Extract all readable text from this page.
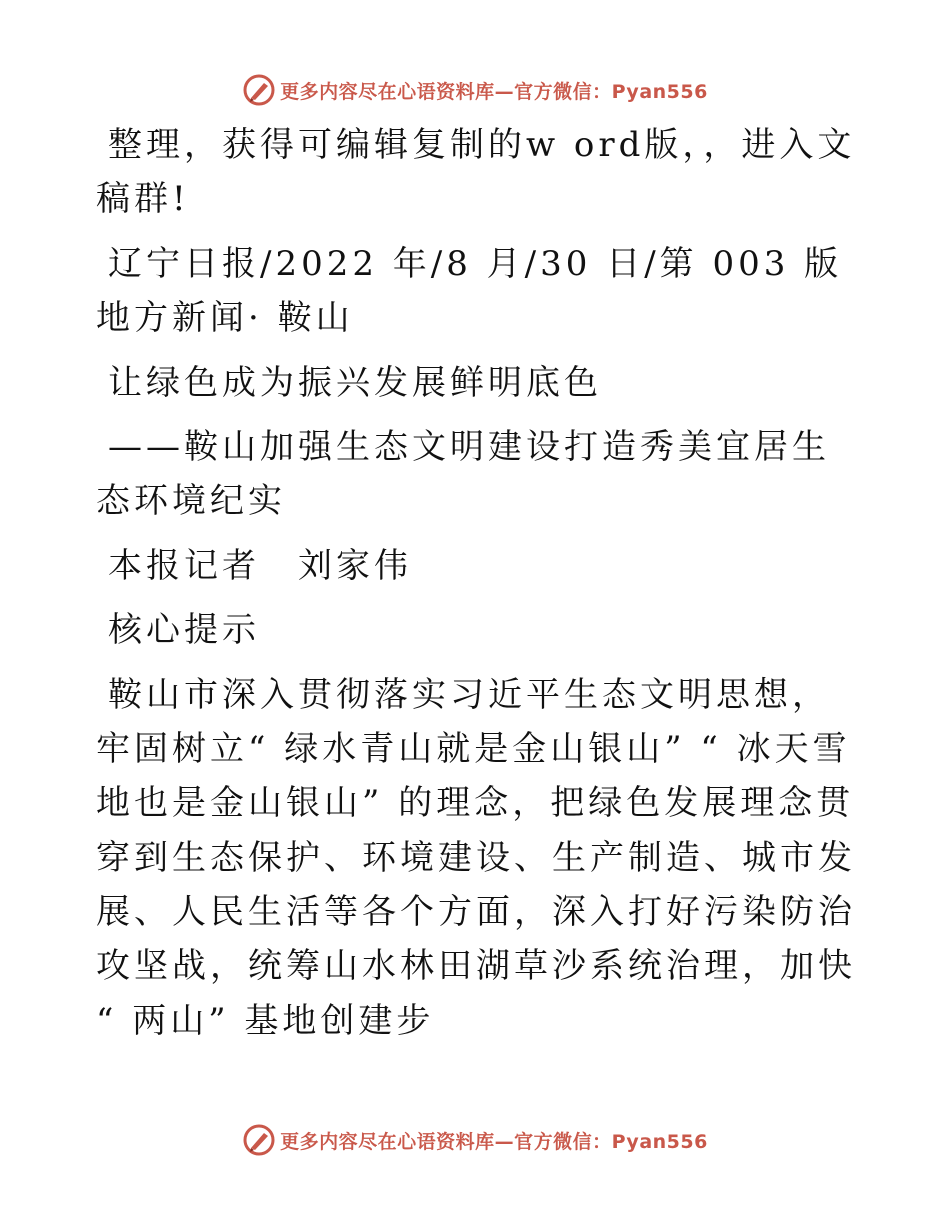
更多内容尽在心语资料库—官方微信：Pyan556

整理，获得可编辑复制的w ord版，，进入文稿群!

辽宁日报/2022 年/8 月/30 日/第 003 版地方新闻· 鞍山

让绿色成为振兴发展鲜明底色

——鞍山加强生态文明建设打造秀美宜居生态环境纪实

本报记者　刘家伟

核心提示

鞍山市深入贯彻落实习近平生态文明思想，牢固树立“ 绿水青山就是金山银山” “ 冰天雪地也是金山银山” 的理念，把绿色发展理念贯穿到生态保护、环境建设、生产制造、城市发展、人民生活等各个方面，深入打好污染防治攻坚战，统筹山水林田湖草沙系统治理，加快“ 两山” 基地创建步

更多内容尽在心语资料库—官方微信：Pyan556
